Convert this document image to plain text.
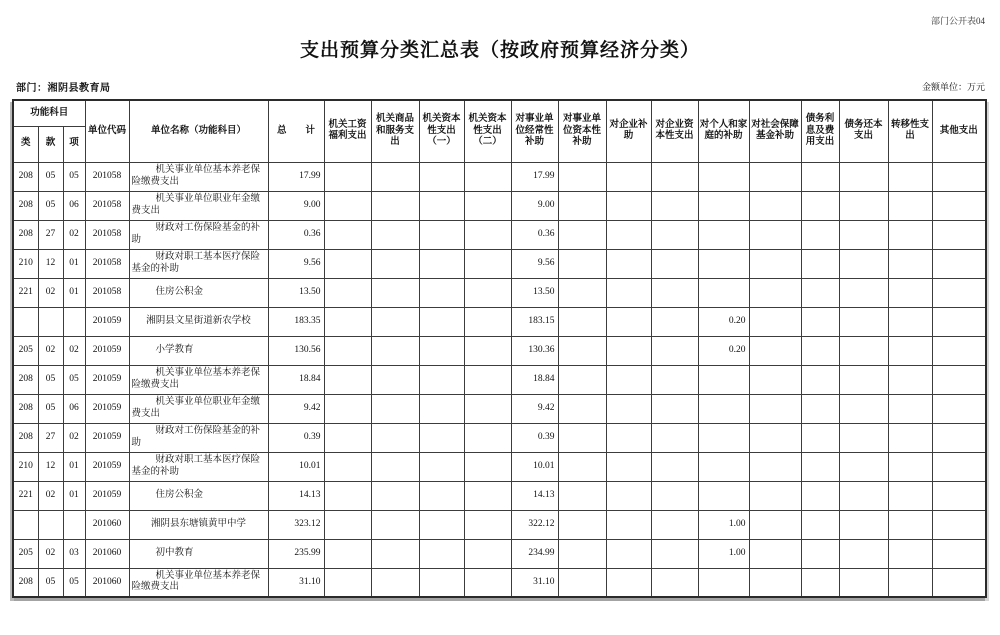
部门公开表04
支出预算分类汇总表（按政府预算经济分类）
部门：湘阴县教育局	金额单位：万元
功能科目			单位代码	单位名称（功能科目）	总　　计	机关工资福利支出	机关商品和服务支出	机关资本性支出（一）	机关资本性支出（二）	对事业单位经常性补助	对事业单位资本性补助	对企业补助	对企业资本性支出	对个人和家庭的补助	对社会保障基金补助	债务利息及费用支出	债务还本支出	转移性支出	其他支出
类	款	项																	
208	05	05	201058	机关事业单位基本养老保险缴费支出	17.99					17.99									
208	05	06	201058	机关事业单位职业年金缴费支出	9.00					9.00									
208	27	02	201058	财政对工伤保险基金的补助	0.36					0.36									
210	12	01	201058	财政对职工基本医疗保险基金的补助	9.56					9.56									
221	02	01	201058	住房公积金	13.50					13.50									
			201059	湘阴县文星街道新农学校	183.35					183.15				0.20					
205	02	02	201059	小学教育	130.56					130.36				0.20					
208	05	05	201059	机关事业单位基本养老保险缴费支出	18.84					18.84									
208	05	06	201059	机关事业单位职业年金缴费支出	9.42					9.42									
208	27	02	201059	财政对工伤保险基金的补助	0.39					0.39									
210	12	01	201059	财政对职工基本医疗保险基金的补助	10.01					10.01									
221	02	01	201059	住房公积金	14.13					14.13									
			201060	湘阴县东塘镇黄甲中学	323.12					322.12				1.00					
205	02	03	201060	初中教育	235.99					234.99				1.00					
208	05	05	201060	机关事业单位基本养老保险缴费支出	31.10					31.10									
